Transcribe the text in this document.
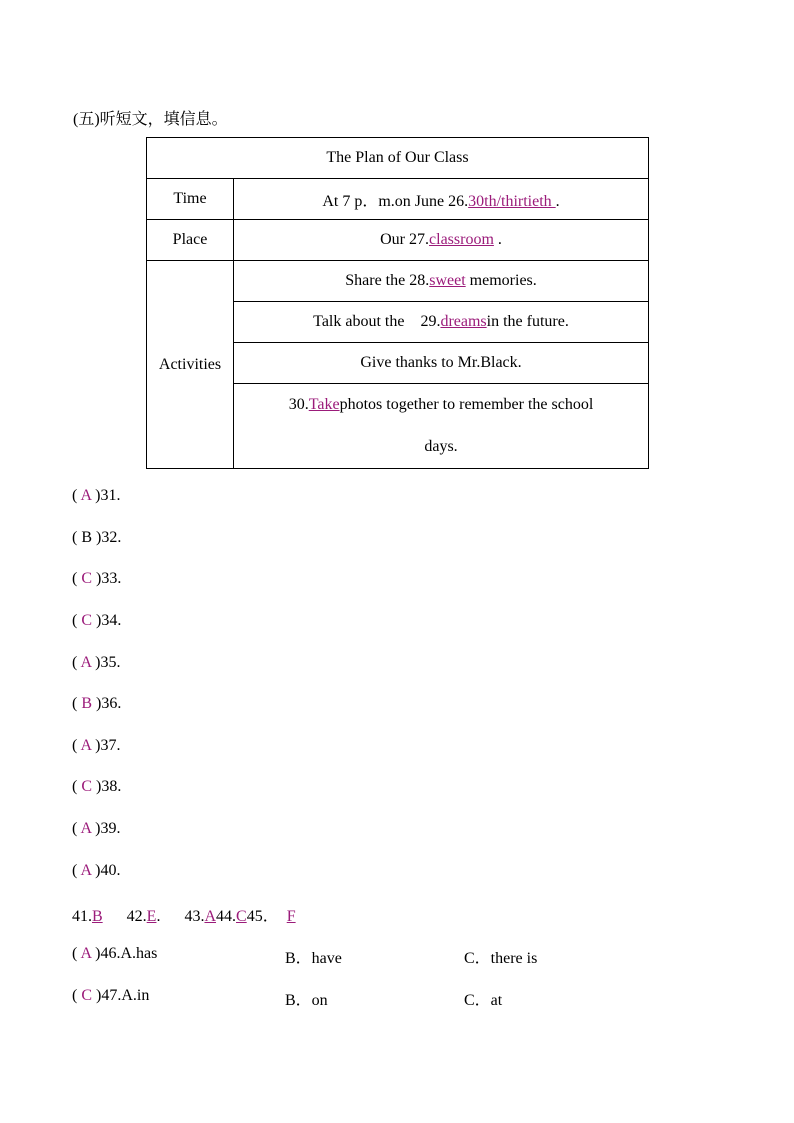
(五)听短文，填信息。
The Plan of Our Class	
Time	At 7 p．m.on June 26.30th/thirtieth .
Place	Our 27.classroom .
Activities	Share the 28.sweet memories.
	Talk about the    29.dreamsin the future.
	Give thanks to Mr.Black.
	30.Takephotos together to remember the school
days.
( A )31.
( B )32.
( C )33.
( C )34.
( A )35.
( B )36.
( A )37.
( C )38.
( A )39.
( A )40.
41.B 42.E. 43.A44.C45． F
( A )46.A.has	B．have	C．there is
( C )47.A.in	B．on	C．at
